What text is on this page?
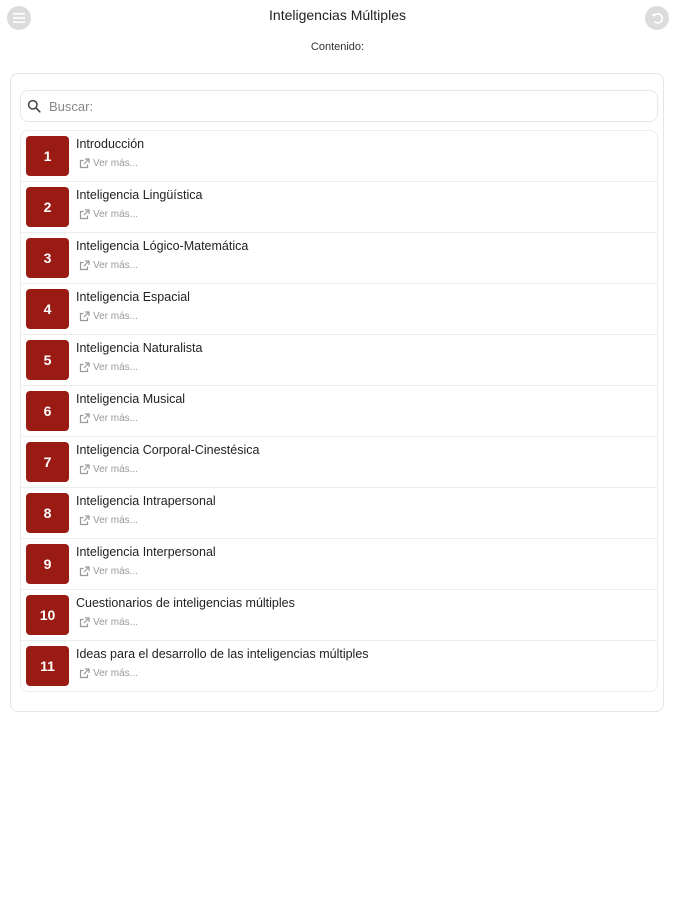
Inteligencias Múltiples
Contenido:
Buscar:
1
Introducción
Ver más...
2
Inteligencia Lingüística
Ver más...
3
Inteligencia Lógico-Matemática
Ver más...
4
Inteligencia Espacial
Ver más...
5
Inteligencia Naturalista
Ver más...
6
Inteligencia Musical
Ver más...
7
Inteligencia Corporal-Cinestésica
Ver más...
8
Inteligencia Intrapersonal
Ver más...
9
Inteligencia Interpersonal
Ver más...
10
Cuestionarios de inteligencias múltiples
Ver más...
11
Ideas para el desarrollo de las inteligencias múltiples
Ver más...
